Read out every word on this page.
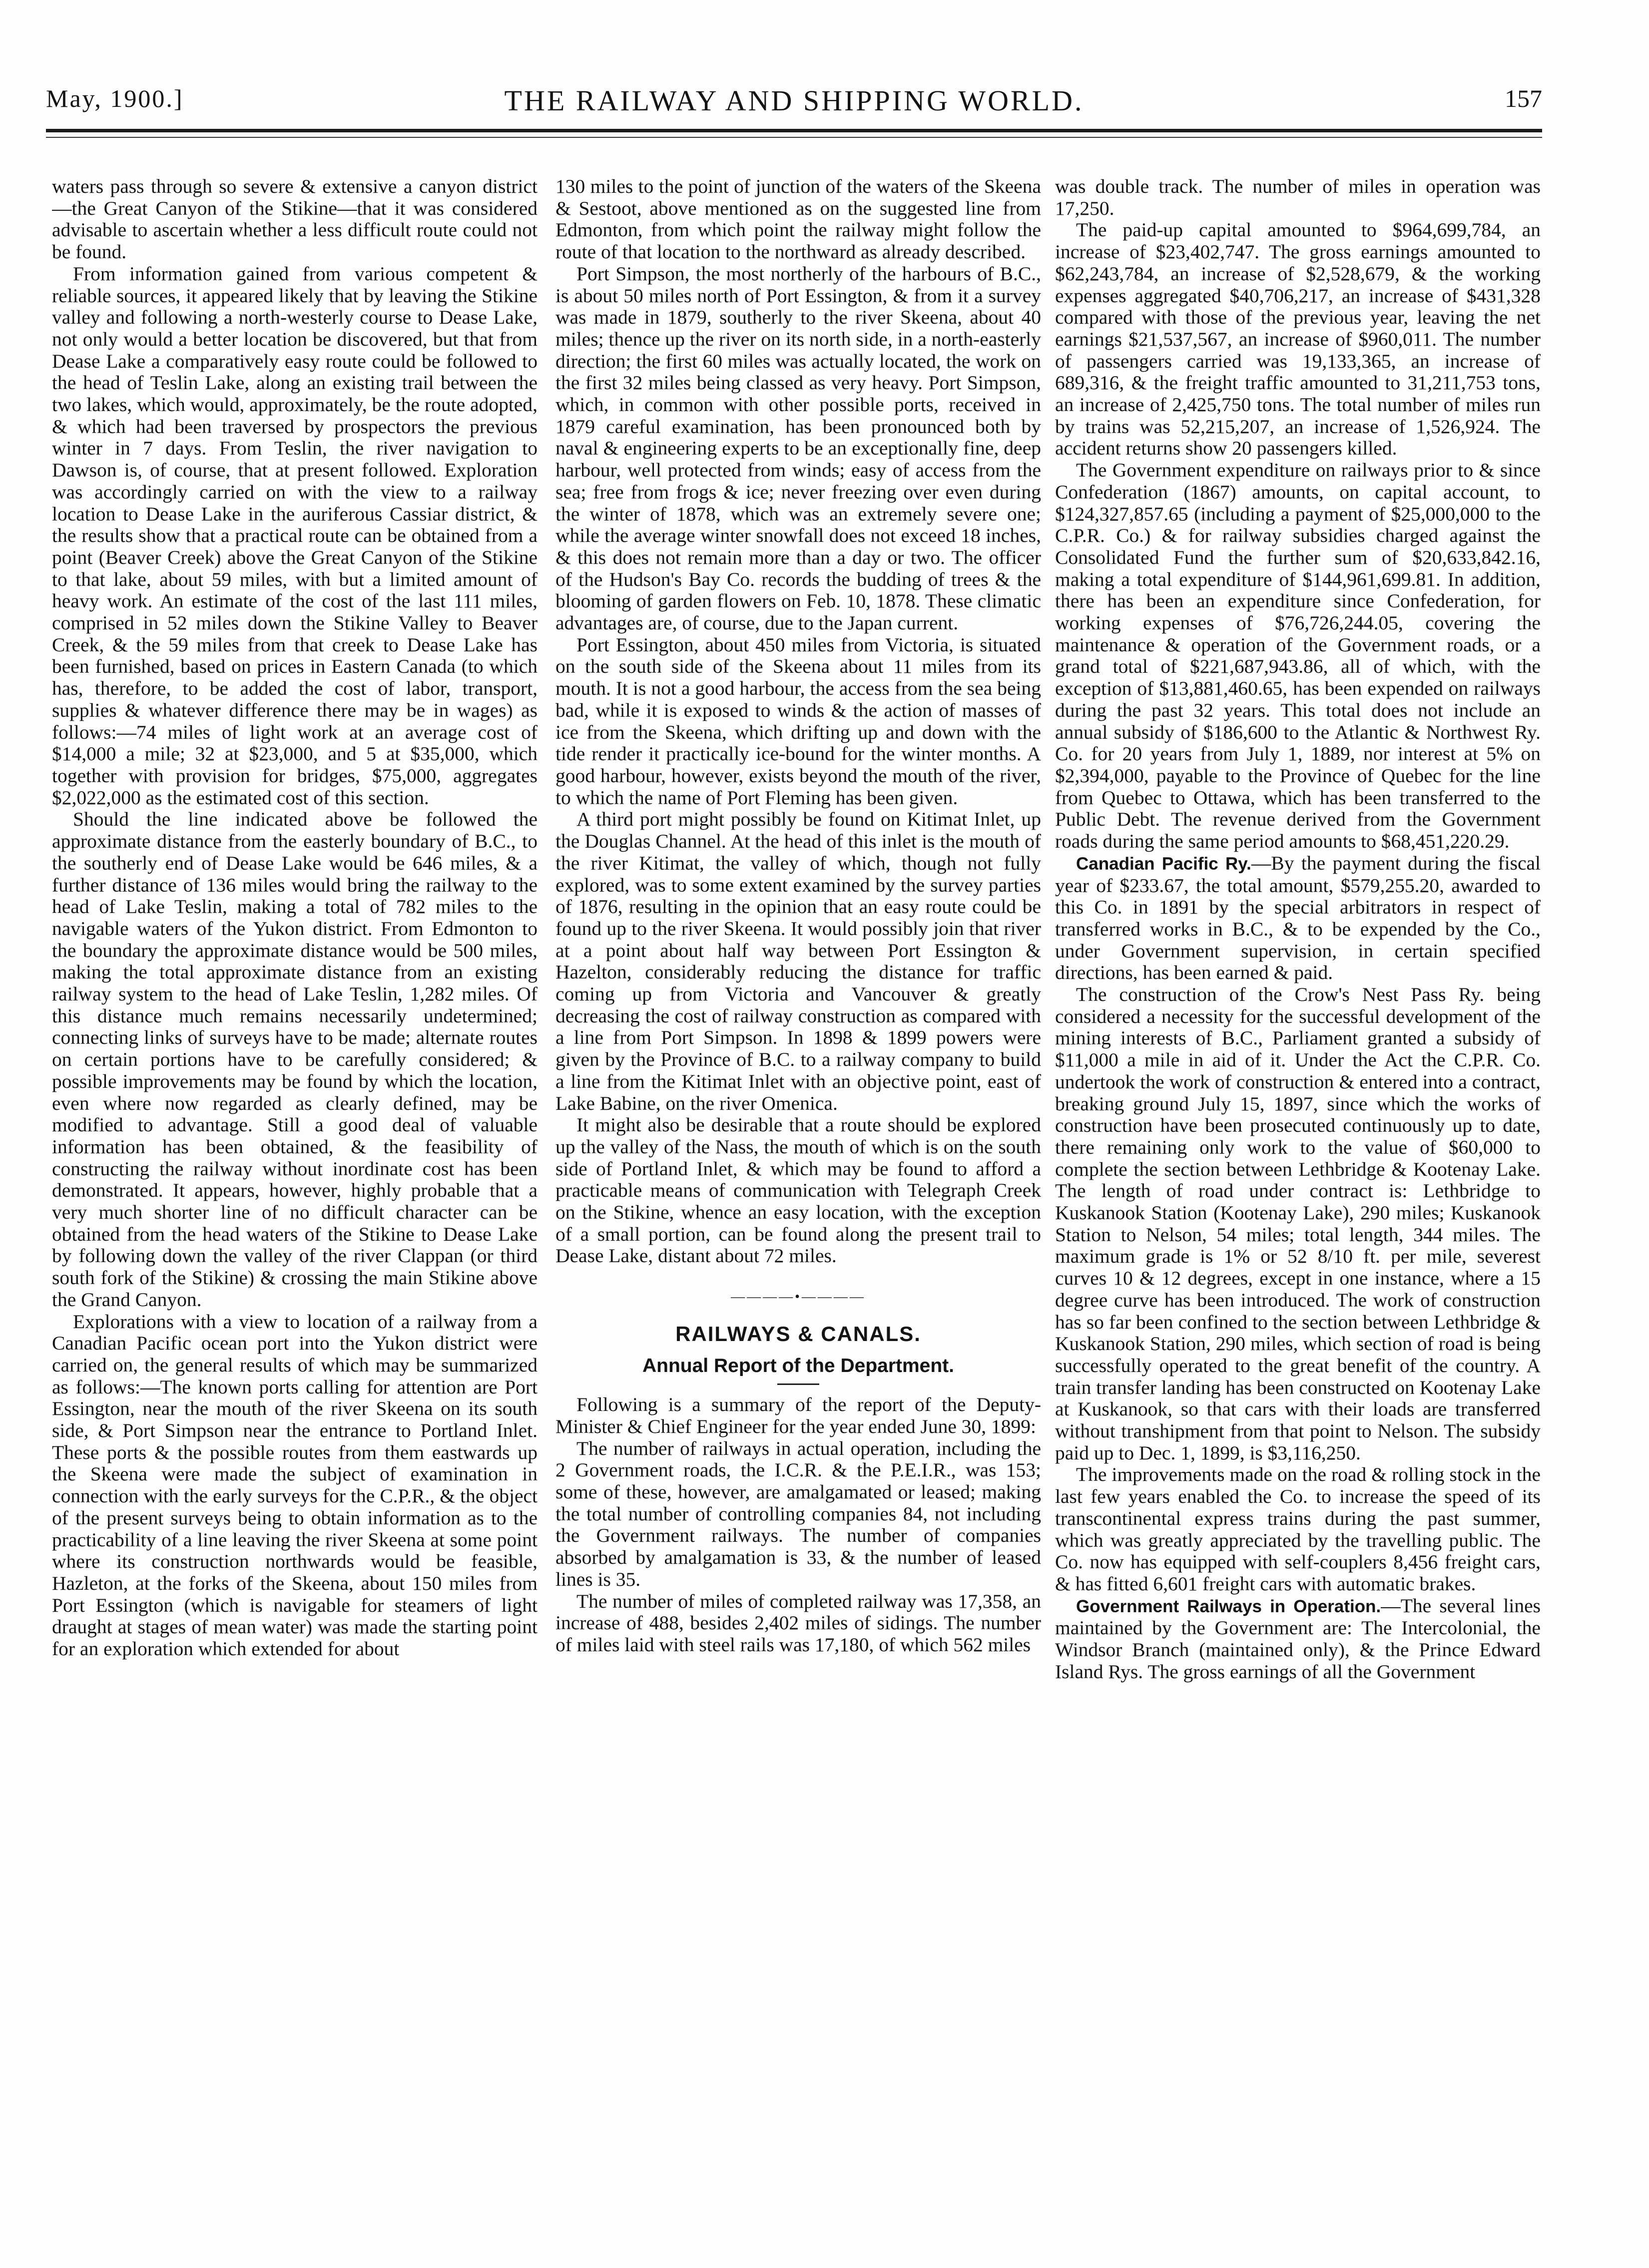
May, 1900.]	THE RAILWAY AND SHIPPING WORLD.	157

waters pass through so severe & extensive a canyon district—the Great Canyon of the Stikine—that it was considered advisable to ascertain whether a less difficult route could not be found.

From information gained from various competent & reliable sources, it appeared likely that by leaving the Stikine valley and following a north-westerly course to Dease Lake, not only would a better location be discovered, but that from Dease Lake a comparatively easy route could be followed to the head of Teslin Lake, along an existing trail between the two lakes, which would, approximately, be the route adopted, & which had been traversed by prospectors the previous winter in 7 days. From Teslin, the river navigation to Dawson is, of course, that at present followed. Exploration was accordingly carried on with the view to a railway location to Dease Lake in the auriferous Cassiar district, & the results show that a practical route can be obtained from a point (Beaver Creek) above the Great Canyon of the Stikine to that lake, about 59 miles, with but a limited amount of heavy work. An estimate of the cost of the last 111 miles, comprised in 52 miles down the Stikine Valley to Beaver Creek, & the 59 miles from that creek to Dease Lake has been furnished, based on prices in Eastern Canada (to which has, therefore, to be added the cost of labor, transport, supplies & whatever difference there may be in wages) as follows:—74 miles of light work at an average cost of $14,000 a mile; 32 at $23,000, and 5 at $35,000, which together with provision for bridges, $75,000, aggregates $2,022,000 as the estimated cost of this section.

Should the line indicated above be followed the approximate distance from the easterly boundary of B.C., to the southerly end of Dease Lake would be 646 miles, & a further distance of 136 miles would bring the railway to the head of Lake Teslin, making a total of 782 miles to the navigable waters of the Yukon district. From Edmonton to the boundary the approximate distance would be 500 miles, making the total approximate distance from an existing railway system to the head of Lake Teslin, 1,282 miles. Of this distance much remains necessarily undetermined; connecting links of surveys have to be made; alternate routes on certain portions have to be carefully considered; & possible improvements may be found by which the location, even where now regarded as clearly defined, may be modified to advantage. Still a good deal of valuable information has been obtained, & the feasibility of constructing the railway without inordinate cost has been demonstrated. It appears, however, highly probable that a very much shorter line of no difficult character can be obtained from the head waters of the Stikine to Dease Lake by following down the valley of the river Clappan (or third south fork of the Stikine) & crossing the main Stikine above the Grand Canyon.

Explorations with a view to location of a railway from a Canadian Pacific ocean port into the Yukon district were carried on, the general results of which may be summarized as follows:—The known ports calling for attention are Port Essington, near the mouth of the river Skeena on its south side, & Port Simpson near the entrance to Portland Inlet. These ports & the possible routes from them eastwards up the Skeena were made the subject of examination in connection with the early surveys for the C.P.R., & the object of the present surveys being to obtain information as to the practicability of a line leaving the river Skeena at some point where its construction northwards would be feasible, Hazleton, at the forks of the Skeena, about 150 miles from Port Essington (which is navigable for steamers of light draught at stages of mean water) was made the starting point for an exploration which extended for about

130 miles to the point of junction of the waters of the Skeena & Sestoot, above mentioned as on the suggested line from Edmonton, from which point the railway might follow the route of that location to the northward as already described.

Port Simpson, the most northerly of the harbours of B.C., is about 50 miles north of Port Essington, & from it a survey was made in 1879, southerly to the river Skeena, about 40 miles; thence up the river on its north side, in a north-easterly direction; the first 60 miles was actually located, the work on the first 32 miles being classed as very heavy. Port Simpson, which, in common with other possible ports, received in 1879 careful examination, has been pronounced both by naval & engineering experts to be an exceptionally fine, deep harbour, well protected from winds; easy of access from the sea; free from frogs & ice; never freezing over even during the winter of 1878, which was an extremely severe one; while the average winter snowfall does not exceed 18 inches, & this does not remain more than a day or two. The officer of the Hudson's Bay Co. records the budding of trees & the blooming of garden flowers on Feb. 10, 1878. These climatic advantages are, of course, due to the Japan current.

Port Essington, about 450 miles from Victoria, is situated on the south side of the Skeena about 11 miles from its mouth. It is not a good harbour, the access from the sea being bad, while it is exposed to winds & the action of masses of ice from the Skeena, which drifting up and down with the tide render it practically ice-bound for the winter months. A good harbour, however, exists beyond the mouth of the river, to which the name of Port Fleming has been given.

A third port might possibly be found on Kitimat Inlet, up the Douglas Channel. At the head of this inlet is the mouth of the river Kitimat, the valley of which, though not fully explored, was to some extent examined by the survey parties of 1876, resulting in the opinion that an easy route could be found up to the river Skeena. It would possibly join that river at a point about half way between Port Essington & Hazelton, considerably reducing the distance for traffic coming up from Victoria and Vancouver & greatly decreasing the cost of railway construction as compared with a line from Port Simpson. In 1898 & 1899 powers were given by the Province of B.C. to a railway company to build a line from the Kitimat Inlet with an objective point, east of Lake Babine, on the river Omenica.

It might also be desirable that a route should be explored up the valley of the Nass, the mouth of which is on the south side of Portland Inlet, & which may be found to afford a practicable means of communication with Telegraph Creek on the Stikine, whence an easy location, with the exception of a small portion, can be found along the present trail to Dease Lake, distant about 72 miles.

————•————
RAILWAYS & CANALS.
Annual Report of the Department.

Following is a summary of the report of the Deputy-Minister & Chief Engineer for the year ended June 30, 1899:

The number of railways in actual operation, including the 2 Government roads, the I.C.R. & the P.E.I.R., was 153; some of these, however, are amalgamated or leased; making the total number of controlling companies 84, not including the Government railways. The number of companies absorbed by amalgamation is 33, & the number of leased lines is 35.

The number of miles of completed railway was 17,358, an increase of 488, besides 2,402 miles of sidings. The number of miles laid with steel rails was 17,180, of which 562 miles

was double track. The number of miles in operation was 17,250.

The paid-up capital amounted to $964,699,784, an increase of $23,402,747. The gross earnings amounted to $62,243,784, an increase of $2,528,679, & the working expenses aggregated $40,706,217, an increase of $431,328 compared with those of the previous year, leaving the net earnings $21,537,567, an increase of $960,011. The number of passengers carried was 19,133,365, an increase of 689,316, & the freight traffic amounted to 31,211,753 tons, an increase of 2,425,750 tons. The total number of miles run by trains was 52,215,207, an increase of 1,526,924. The accident returns show 20 passengers killed.

The Government expenditure on railways prior to & since Confederation (1867) amounts, on capital account, to $124,327,857.65 (including a payment of $25,000,000 to the C.P.R. Co.) & for railway subsidies charged against the Consolidated Fund the further sum of $20,633,842.16, making a total expenditure of $144,961,699.81. In addition, there has been an expenditure since Confederation, for working expenses of $76,726,244.05, covering the maintenance & operation of the Government roads, or a grand total of $221,687,943.86, all of which, with the exception of $13,881,460.65, has been expended on railways during the past 32 years. This total does not include an annual subsidy of $186,600 to the Atlantic & Northwest Ry. Co. for 20 years from July 1, 1889, nor interest at 5% on $2,394,000, payable to the Province of Quebec for the line from Quebec to Ottawa, which has been transferred to the Public Debt. The revenue derived from the Government roads during the same period amounts to $68,451,220.29.

Canadian Pacific Ry.—By the payment during the fiscal year of $233.67, the total amount, $579,255.20, awarded to this Co. in 1891 by the special arbitrators in respect of transferred works in B.C., & to be expended by the Co., under Government supervision, in certain specified directions, has been earned & paid.

The construction of the Crow's Nest Pass Ry. being considered a necessity for the successful development of the mining interests of B.C., Parliament granted a subsidy of $11,000 a mile in aid of it. Under the Act the C.P.R. Co. undertook the work of construction & entered into a contract, breaking ground July 15, 1897, since which the works of construction have been prosecuted continuously up to date, there remaining only work to the value of $60,000 to complete the section between Lethbridge & Kootenay Lake. The length of road under contract is: Lethbridge to Kuskanook Station (Kootenay Lake), 290 miles; Kuskanook Station to Nelson, 54 miles; total length, 344 miles. The maximum grade is 1% or 52 8/10 ft. per mile, severest curves 10 & 12 degrees, except in one instance, where a 15 degree curve has been introduced. The work of construction has so far been confined to the section between Lethbridge & Kuskanook Station, 290 miles, which section of road is being successfully operated to the great benefit of the country. A train transfer landing has been constructed on Kootenay Lake at Kuskanook, so that cars with their loads are transferred without transhipment from that point to Nelson. The subsidy paid up to Dec. 1, 1899, is $3,116,250.

The improvements made on the road & rolling stock in the last few years enabled the Co. to increase the speed of its transcontinental express trains during the past summer, which was greatly appreciated by the travelling public. The Co. now has equipped with self-couplers 8,456 freight cars, & has fitted 6,601 freight cars with automatic brakes.

Government Railways in Operation.—The several lines maintained by the Government are: The Intercolonial, the Windsor Branch (maintained only), & the Prince Edward Island Rys. The gross earnings of all the Government
